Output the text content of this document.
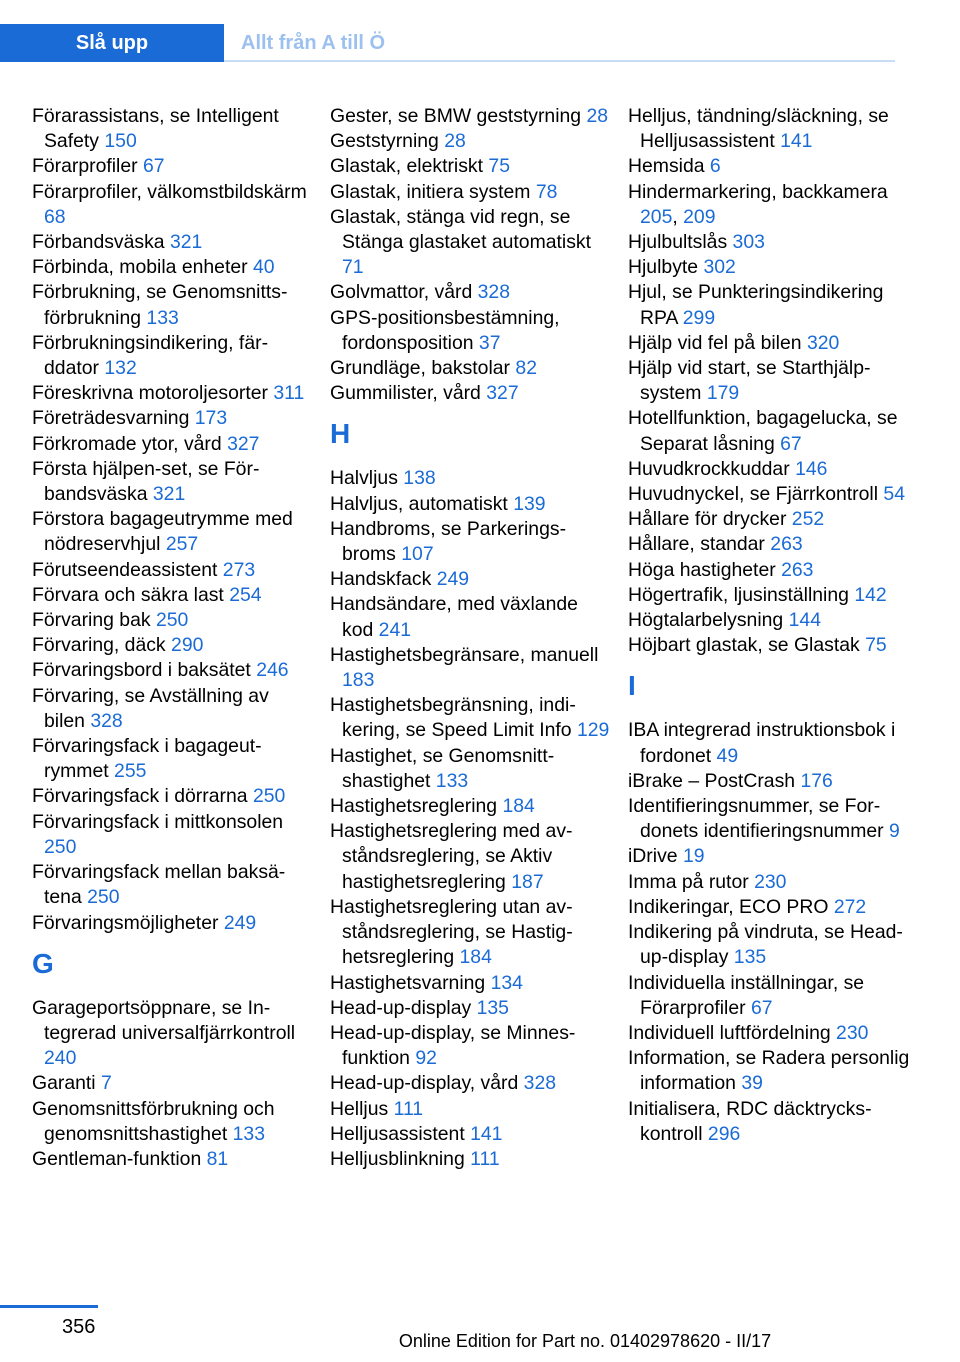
Slå upp	Allt från A till Ö
Förarassistans, se Intelligent Safety 150
Förarprofiler 67
Förarprofiler, välkomstbildskärm 68
Förbandsväska 321
Förbinda, mobila enheter 40
Förbrukning, se Genomsnittsförbrukning 133
Förbrukningsindikering, färddator 132
Föreskrivna motoroljesorter 311
Företrädesvarning 173
Förkromade ytor, vård 327
Första hjälpen-set, se Förbandsväska 321
Förstora bagageutrymme med nödreservhjul 257
Förutseendeassistent 273
Förvara och säkra last 254
Förvaring bak 250
Förvaring, däck 290
Förvaringsbord i baksätet 246
Förvaring, se Avställning av bilen 328
Förvaringsfack i bagageutrymmet 255
Förvaringsfack i dörrarna 250
Förvaringsfack i mittkonsolen 250
Förvaringsfack mellan baksätena 250
Förvaringsmöjligheter 249
G
Garageportsöppnare, se Integrerad universalfjärrkontroll 240
Garanti 7
Genomsnittsförbrukning och genomsnittshastighet 133
Gentleman-funktion 81
Gester, se BMW geststyrning 28
Geststyrning 28
Glastak, elektriskt 75
Glastak, initiera system 78
Glastak, stänga vid regn, se Stänga glastaket automatiskt 71
Golvmattor, vård 328
GPS-positionsbestämning, fordonsposition 37
Grundläge, bakstolar 82
Gummilister, vård 327
H
Halvljus 138
Halvljus, automatiskt 139
Handbroms, se Parkeringsbroms 107
Handskfack 249
Handsändare, med växlande kod 241
Hastighetsbegränsare, manuell 183
Hastighetsbegränsning, indikering, se Speed Limit Info 129
Hastighet, se Genomsnittshastighet 133
Hastighetsreglering 184
Hastighetsreglering med avståndsreglering, se Aktiv hastighetsreglering 187
Hastighetsreglering utan avståndsreglering, se Hastighetsreglering 184
Hastighetsvarning 134
Head-up-display 135
Head-up-display, se Minnesfunktion 92
Head-up-display, vård 328
Helljus 111
Helljusassistent 141
Helljusblinkning 111
Helljus, tändning/släckning, se Helljusassistent 141
Hemsida 6
Hindermarkering, backkamera 205, 209
Hjulbultslås 303
Hjulbyte 302
Hjul, se Punkteringsindikering RPA 299
Hjälp vid fel på bilen 320
Hjälp vid start, se Starthjälpsystem 179
Hotellfunktion, bagagelucka, se Separat låsning 67
Huvudkrockkuddar 146
Huvudnyckel, se Fjärrkontroll 54
Hållare för drycker 252
Hållare, standar 263
Höga hastigheter 263
Högertrafik, ljusinställning 142
Högtalarbelysning 144
Höjbart glastak, se Glastak 75
I
IBA integrerad instruktionsbok i fordonet 49
iBrake – PostCrash 176
Identifieringsnummer, se Fordonets identifieringsnummer 9
iDrive 19
Imma på rutor 230
Indikeringar, ECO PRO 272
Indikering på vindruta, se Head-up-display 135
Individuella inställningar, se Förarprofiler 67
Individuell luftfördelning 230
Information, se Radera personlig information 39
Initialisera, RDC däcktryckskontroll 296
356
Online Edition for Part no. 01402978620 - II/17
